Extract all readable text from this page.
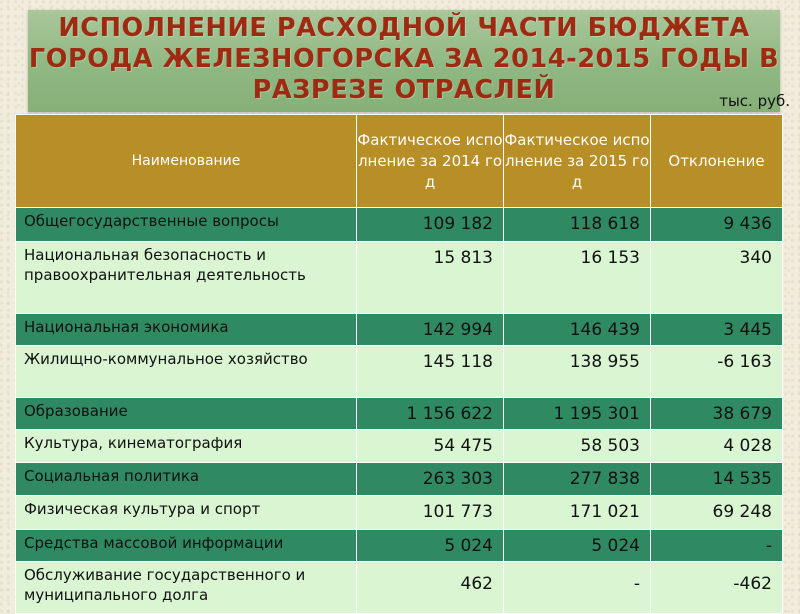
ИСПОЛНЕНИЕ РАСХОДНОЙ ЧАСТИ БЮДЖЕТА ГОРОДА ЖЕЛЕЗНОГОРСКА ЗА 2014-2015 ГОДЫ В РАЗРЕЗЕ ОТРАСЛЕЙ	тыс. руб.
Наименование	Фактическое исполнение за 2014 год	Фактическое исполнение за 2015 год	Отклонение

Общегосударственные вопросы	109 182	118 618	9 436
Национальная безопасность и правоохранительная деятельность	15 813	16 153	340
Национальная экономика	142 994	146 439	3 445
Жилищно-коммунальное хозяйство	145 118	138 955	-6 163
Образование	1 156 622	1 195 301	38 679
Культура, кинематография	54 475	58 503	4 028
Социальная политика	263 303	277 838	14 535
Физическая культура и спорт	101 773	171 021	69 248
Средства массовой информации	5 024	5 024	-
Обслуживание государственного и муниципального долга	462	-	-462
